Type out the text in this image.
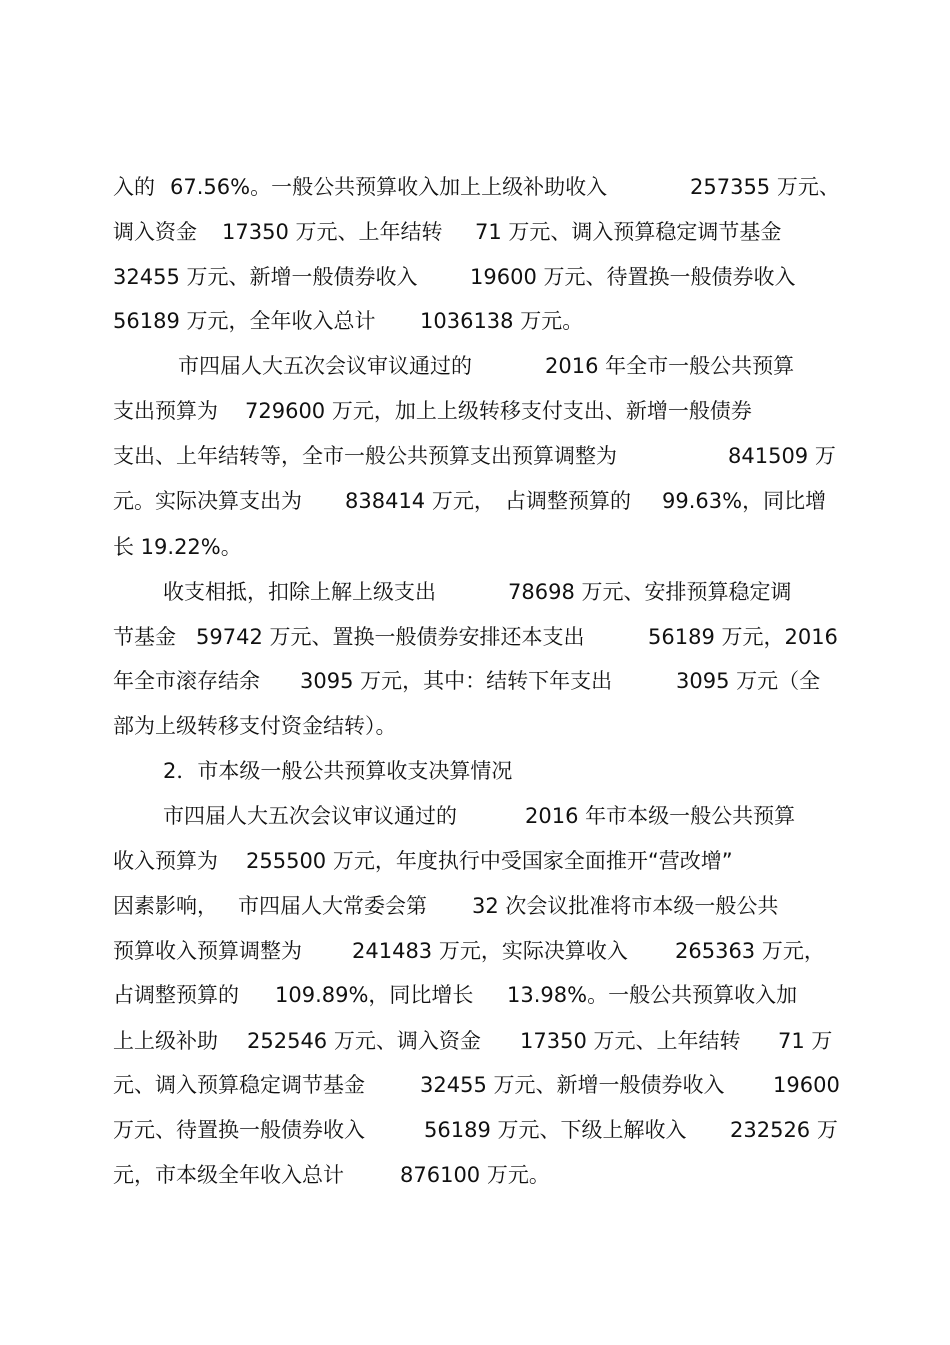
入的

67.56%。一般公共预算收入加上上级补助收入

	257355 万元、

调入资金

17350 万元、上年结转

71 万元、调入预算稳定调节基金

32455 万元、新增一般债券收入

	19600 万元、待置换一般债券收入

56189 万元，全年收入总计

1036138 万元。

市四届人大五次会议审议通过的

	2016 年全市一般公共预算

支出预算为

729600 万元，加上上级转移支付支出、新增一般债券

支出、上年结转等，全市一般公共预算支出预算调整为

	841509 万

元。实际决算支出为

838414 万元，

占调整预算的

99.63%，同比增

长 19.22%。

收支相抵，扣除上解上级支出

	78698 万元、安排预算稳定调

节基金

59742 万元、置换一般债券安排还本支出

	56189 万元，2016

年全市滚存结余

3095 万元，其中：结转下年支出

	3095 万元（全

部为上级转移支付资金结转）。

2．市本级一般公共预算收支决算情况

市四届人大五次会议审议通过的

	2016 年市本级一般公共预算

收入预算为

255500 万元，年度执行中受国家全面推开“营改增”

因素影响，

市四届人大常委会第

32 次会议批准将市本级一般公共

预算收入预算调整为

241483 万元，实际决算收入

265363 万元，

占调整预算的

109.89%，同比增长

13.98%。一般公共预算收入加

上上级补助

252546 万元、调入资金

17350 万元、上年结转

71 万

元、调入预算稳定调节基金

	32455 万元、新增一般债券收入

19600

万元、待置换一般债券收入

	56189 万元、下级上解收入

232526 万

元，市本级全年收入总计

	876100 万元。
